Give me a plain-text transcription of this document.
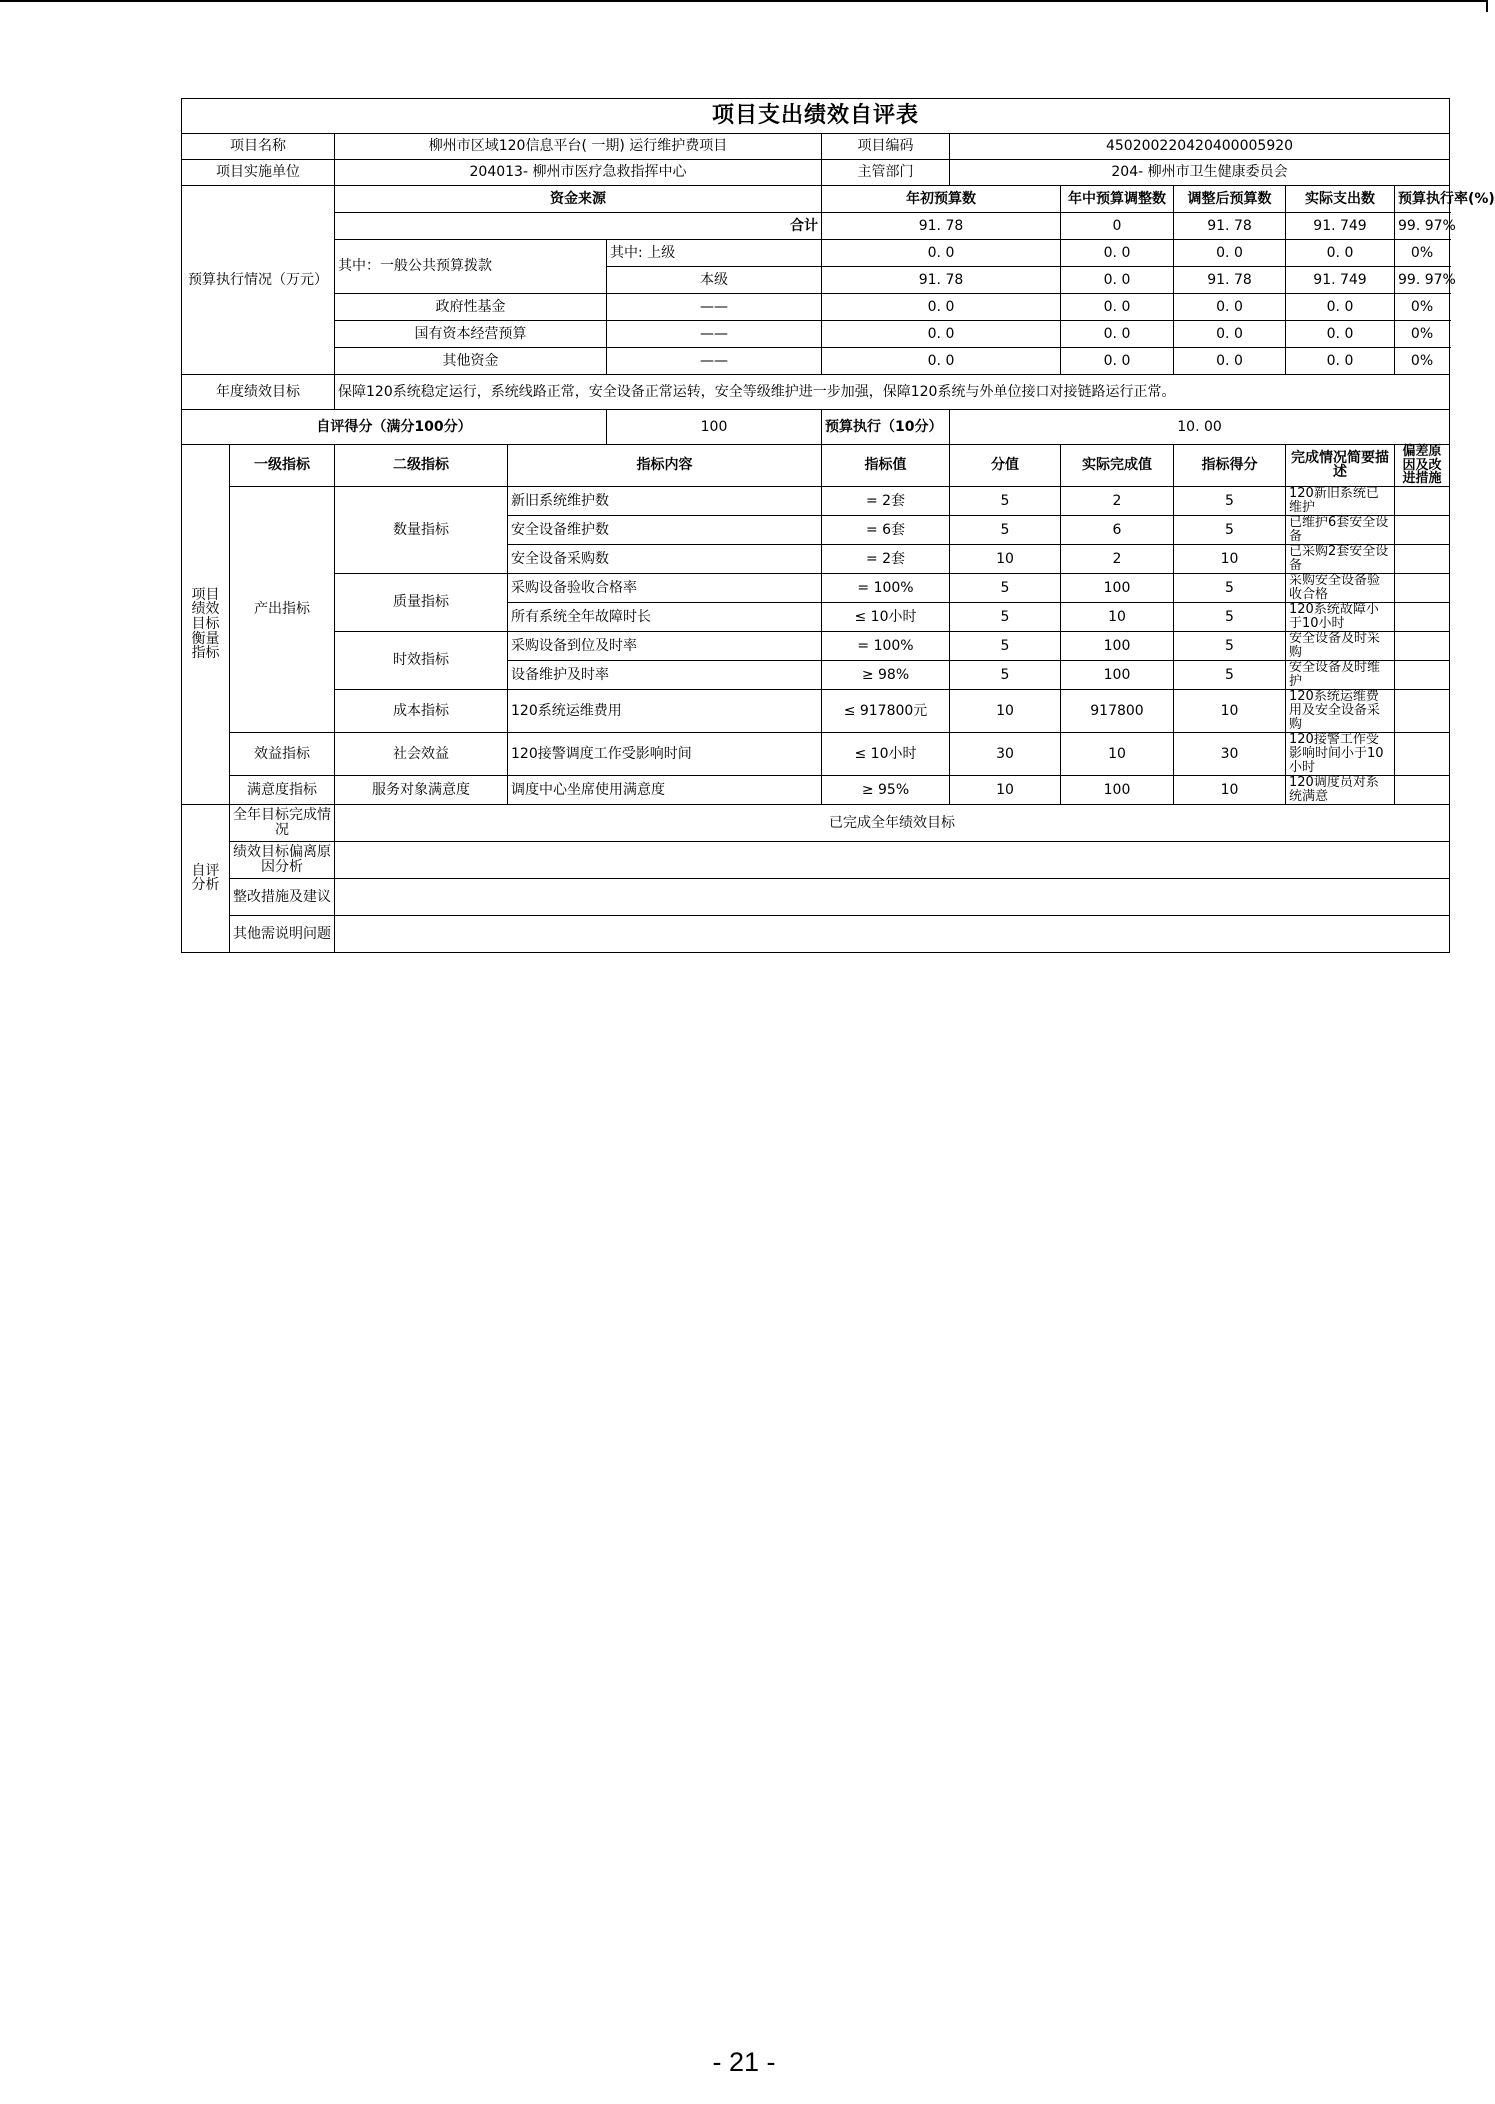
项目支出绩效自评表										
项目名称		柳州市区域120信息平台( 一期) 运行维护费项目			项目编码	450200220420400005920				
项目实施单位		204013- 柳州市医疗急救指挥中心			主管部门	204- 柳州市卫生健康委员会				
预算执行情况（万元）		资金来源			年初预算数		年中预算调整数	调整后预算数	实际支出数	预算执行率(%)
		合计			91. 78		0	91. 78	91. 749	99. 97%
		其中：一般公共预算拨款		其中: 上级	0. 0		0. 0	0. 0	0. 0	0%
				本级	91. 78		0. 0	91. 78	91. 749	99. 97%
		政府性基金		——	0. 0		0. 0	0. 0	0. 0	0%
		国有资本经营预算		——	0. 0		0. 0	0. 0	0. 0	0%
		其他资金		——	0. 0		0. 0	0. 0	0. 0	0%
年度绩效目标		保障120系统稳定运行，系统线路正常，安全设备正常运转，安全等级维护进一步加强，保障120系统与外单位接口对接链路运行正常。								
自评得分（满分100分）				100	预算执行（10分）	10. 00				
项目绩效目标衡量指标	一级指标	二级指标	指标内容		指标值	分值	实际完成值	指标得分	完成情况简要描述	偏差原因及改进措施
	产出指标	数量指标	新旧系统维护数		= 2套	5	2	5	120新旧系统已维护	
			安全设备维护数		= 6套	5	6	5	已维护6套安全设备	
			安全设备采购数		= 2套	10	2	10	已采购2套安全设备	
		质量指标	采购设备验收合格率		= 100%	5	100	5	采购安全设备验收合格	
			所有系统全年故障时长		≤ 10小时	5	10	5	120系统故障小于10小时	
		时效指标	采购设备到位及时率		= 100%	5	100	5	安全设备及时采购	
			设备维护及时率		≥ 98%	5	100	5	安全设备及时维护	
		成本指标	120系统运维费用		≤ 917800元	10	917800	10	120系统运维费用及安全设备采购	
	效益指标	社会效益	120接警调度工作受影响时间		≤ 10小时	30	10	30	120接警工作受影响时间小于10小时	
	满意度指标	服务对象满意度	调度中心坐席使用满意度		≥ 95%	10	100	10	120调度员对系统满意	
自评分析	全年目标完成情况	已完成全年绩效目标								
	绩效目标偏离原因分析									
	整改措施及建议									
	其他需说明问题									
- 21 -
